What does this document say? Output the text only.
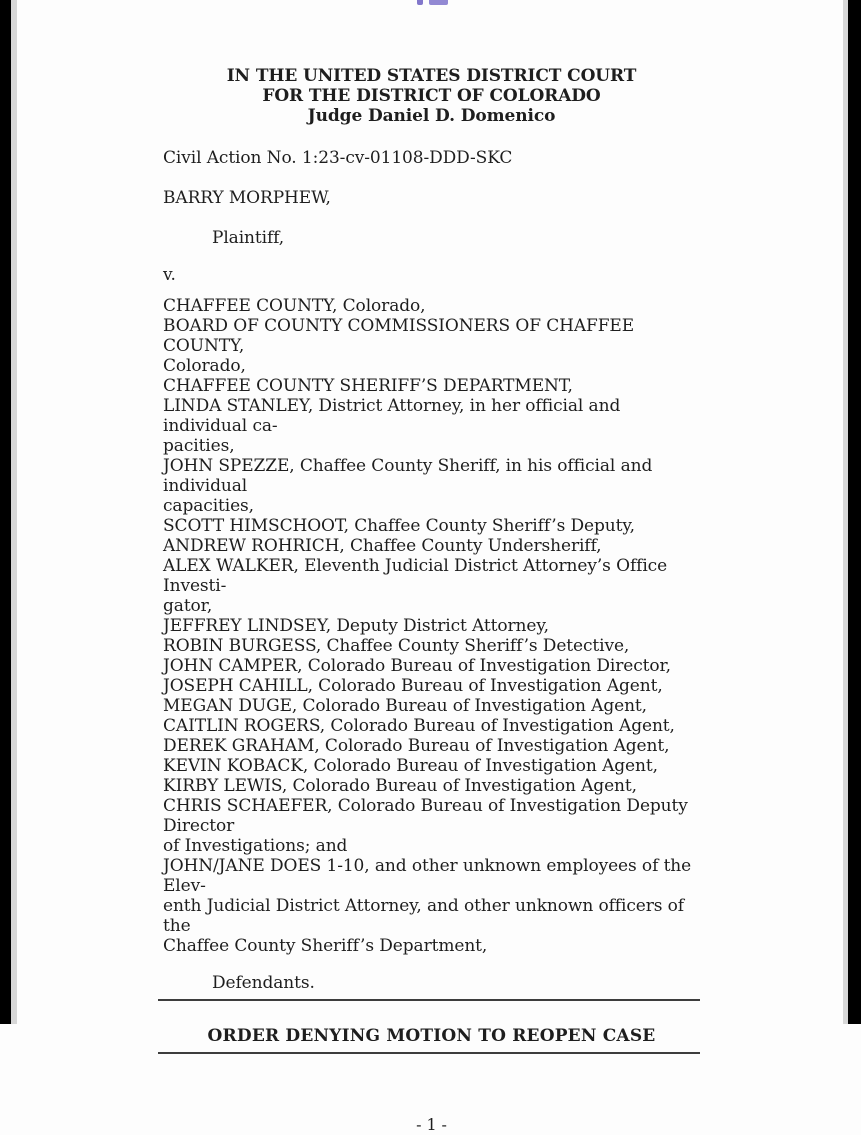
IN THE UNITED STATES DISTRICT COURT
FOR THE DISTRICT OF COLORADO
Judge Daniel D. Domenico
Civil Action No. 1:23-cv-01108-DDD-SKC
BARRY MORPHEW,
Plaintiff,
v.
CHAFFEE COUNTY, Colorado,
BOARD OF COUNTY COMMISSIONERS OF CHAFFEE COUNTY,
Colorado,
CHAFFEE COUNTY SHERIFF’S DEPARTMENT,
LINDA STANLEY, District Attorney, in her official and individual ca-
pacities,
JOHN SPEZZE, Chaffee County Sheriff, in his official and individual
capacities,
SCOTT HIMSCHOOT, Chaffee County Sheriff’s Deputy,
ANDREW ROHRICH, Chaffee County Undersheriff,
ALEX WALKER, Eleventh Judicial District Attorney’s Office Investi-
gator,
JEFFREY LINDSEY, Deputy District Attorney,
ROBIN BURGESS, Chaffee County Sheriff’s Detective,
JOHN CAMPER, Colorado Bureau of Investigation Director,
JOSEPH CAHILL, Colorado Bureau of Investigation Agent,
MEGAN DUGE, Colorado Bureau of Investigation Agent,
CAITLIN ROGERS, Colorado Bureau of Investigation Agent,
DEREK GRAHAM, Colorado Bureau of Investigation Agent,
KEVIN KOBACK, Colorado Bureau of Investigation Agent,
KIRBY LEWIS, Colorado Bureau of Investigation Agent,
CHRIS SCHAEFER, Colorado Bureau of Investigation Deputy Director
of Investigations; and
JOHN/JANE DOES 1-10, and other unknown employees of the Elev-
enth Judicial District Attorney, and other unknown officers of the
Chaffee County Sheriff’s Department,
Defendants.
ORDER DENYING MOTION TO REOPEN CASE
- 1 -
